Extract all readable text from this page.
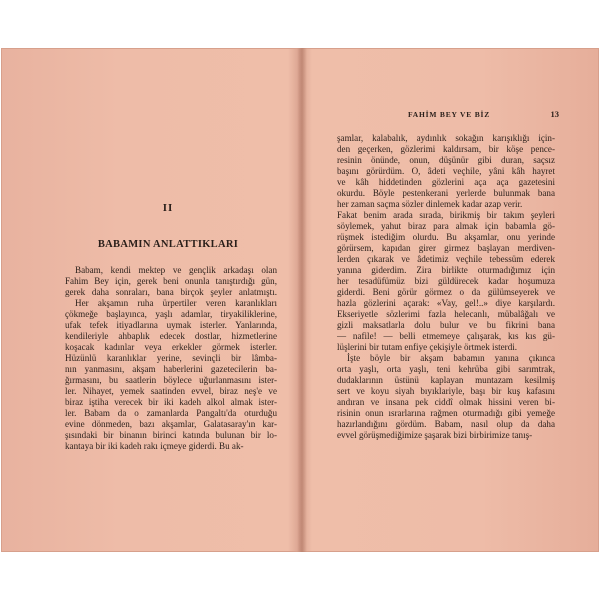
II
BABAMIN ANLATTIKLARI
Babam, kendi mektep ve gençlik arkadaşı olan
Fahim Bey için, gerek beni onunla tanıştırdığı gün,
gerek daha sonraları, bana birçok şeyler anlatmıştı.
Her akşamın ruha ürpertiler veren karanlıkları
çökmeğe başlayınca, yaşlı adamlar, tiryakiliklerine,
ufak tefek itiyadlarına uymak isterler. Yanlarında,
kendileriyle ahbaplık edecek dostlar, hizmetlerine
koşacak kadınlar veya erkekler görmek isterler.
Hüzünlü karanlıklar yerine, sevinçli bir lâmba-
nın yanmasını, akşam haberlerini gazetecilerin ba-
ğırmasını, bu saatlerin böylece uğurlanmasını ister-
ler. Nihayet, yemek saatinden evvel, biraz neş'e ve
biraz iştiha verecek bir iki kadeh alkol almak ister-
ler. Babam da o zamanlarda Pangaltı'da oturduğu
evine dönmeden, bazı akşamlar, Galatasaray'ın kar-
şısındaki bir binanın birinci katında bulunan bir lo-
kantaya bir iki kadeh rakı içmeye giderdi. Bu ak-
FAHİM BEY VE BİZ	13
şamlar, kalabalık, aydınlık sokağın karışıklığı için-
den geçerken, gözlerimi kaldırsam, bir köşe pence-
resinin önünde, onun, düşünür gibi duran, saçsız
başını görürdüm. O, âdeti veçhile, yâni kâh hayret
ve kâh hiddetinden gözlerini aça aça gazetesini
okurdu. Böyle pestenkerani yerlerde bulunmak bana
her zaman saçma sözler dinlemek kadar azap verir.
Fakat benim arada sırada, birikmiş bir takım şeyleri
söylemek, yahut biraz para almak için babamla gö-
rüşmek istediğim olurdu. Bu akşamlar, onu yerinde
görürsem, kapıdan girer girmez başlayan merdiven-
lerden çıkarak ve âdetimiz veçhile tebessüm ederek
yanına giderdim. Zira birlikte oturmadığımız için
her tesadüfümüz bizi güldürecek kadar hoşumuza
giderdi. Beni görür görmez o da gülümseyerek ve
hazla gözlerini açarak: «Vay, gel!..» diye karşılardı.
Ekseriyetle sözlerimi fazla helecanlı, mübalâğalı ve
gizli maksatlarla dolu bulur ve bu fikrini bana
— nafile! — belli etmemeye çalışarak, kıs kıs gü-
lüşlerini bir tutam enfiye çekişiyle örtmek isterdi.
İşte böyle bir akşam babamın yanına çıkınca
orta yaşlı, orta yaşlı, teni kehrüba gibi sarımtrak,
dudaklarının üstünü kaplayan muntazam kesilmiş
sert ve koyu siyah bıyıklariyle, başı bir kuş kafasını
andıran ve insana pek ciddî olmak hissini veren bi-
risinin onun ısrarlarına rağmen oturmadığı gibi yemeğe
hazırlandığını gördüm. Babam, nasıl olup da daha
evvel görüşmediğimize şaşarak bizi birbirimize tanış-
